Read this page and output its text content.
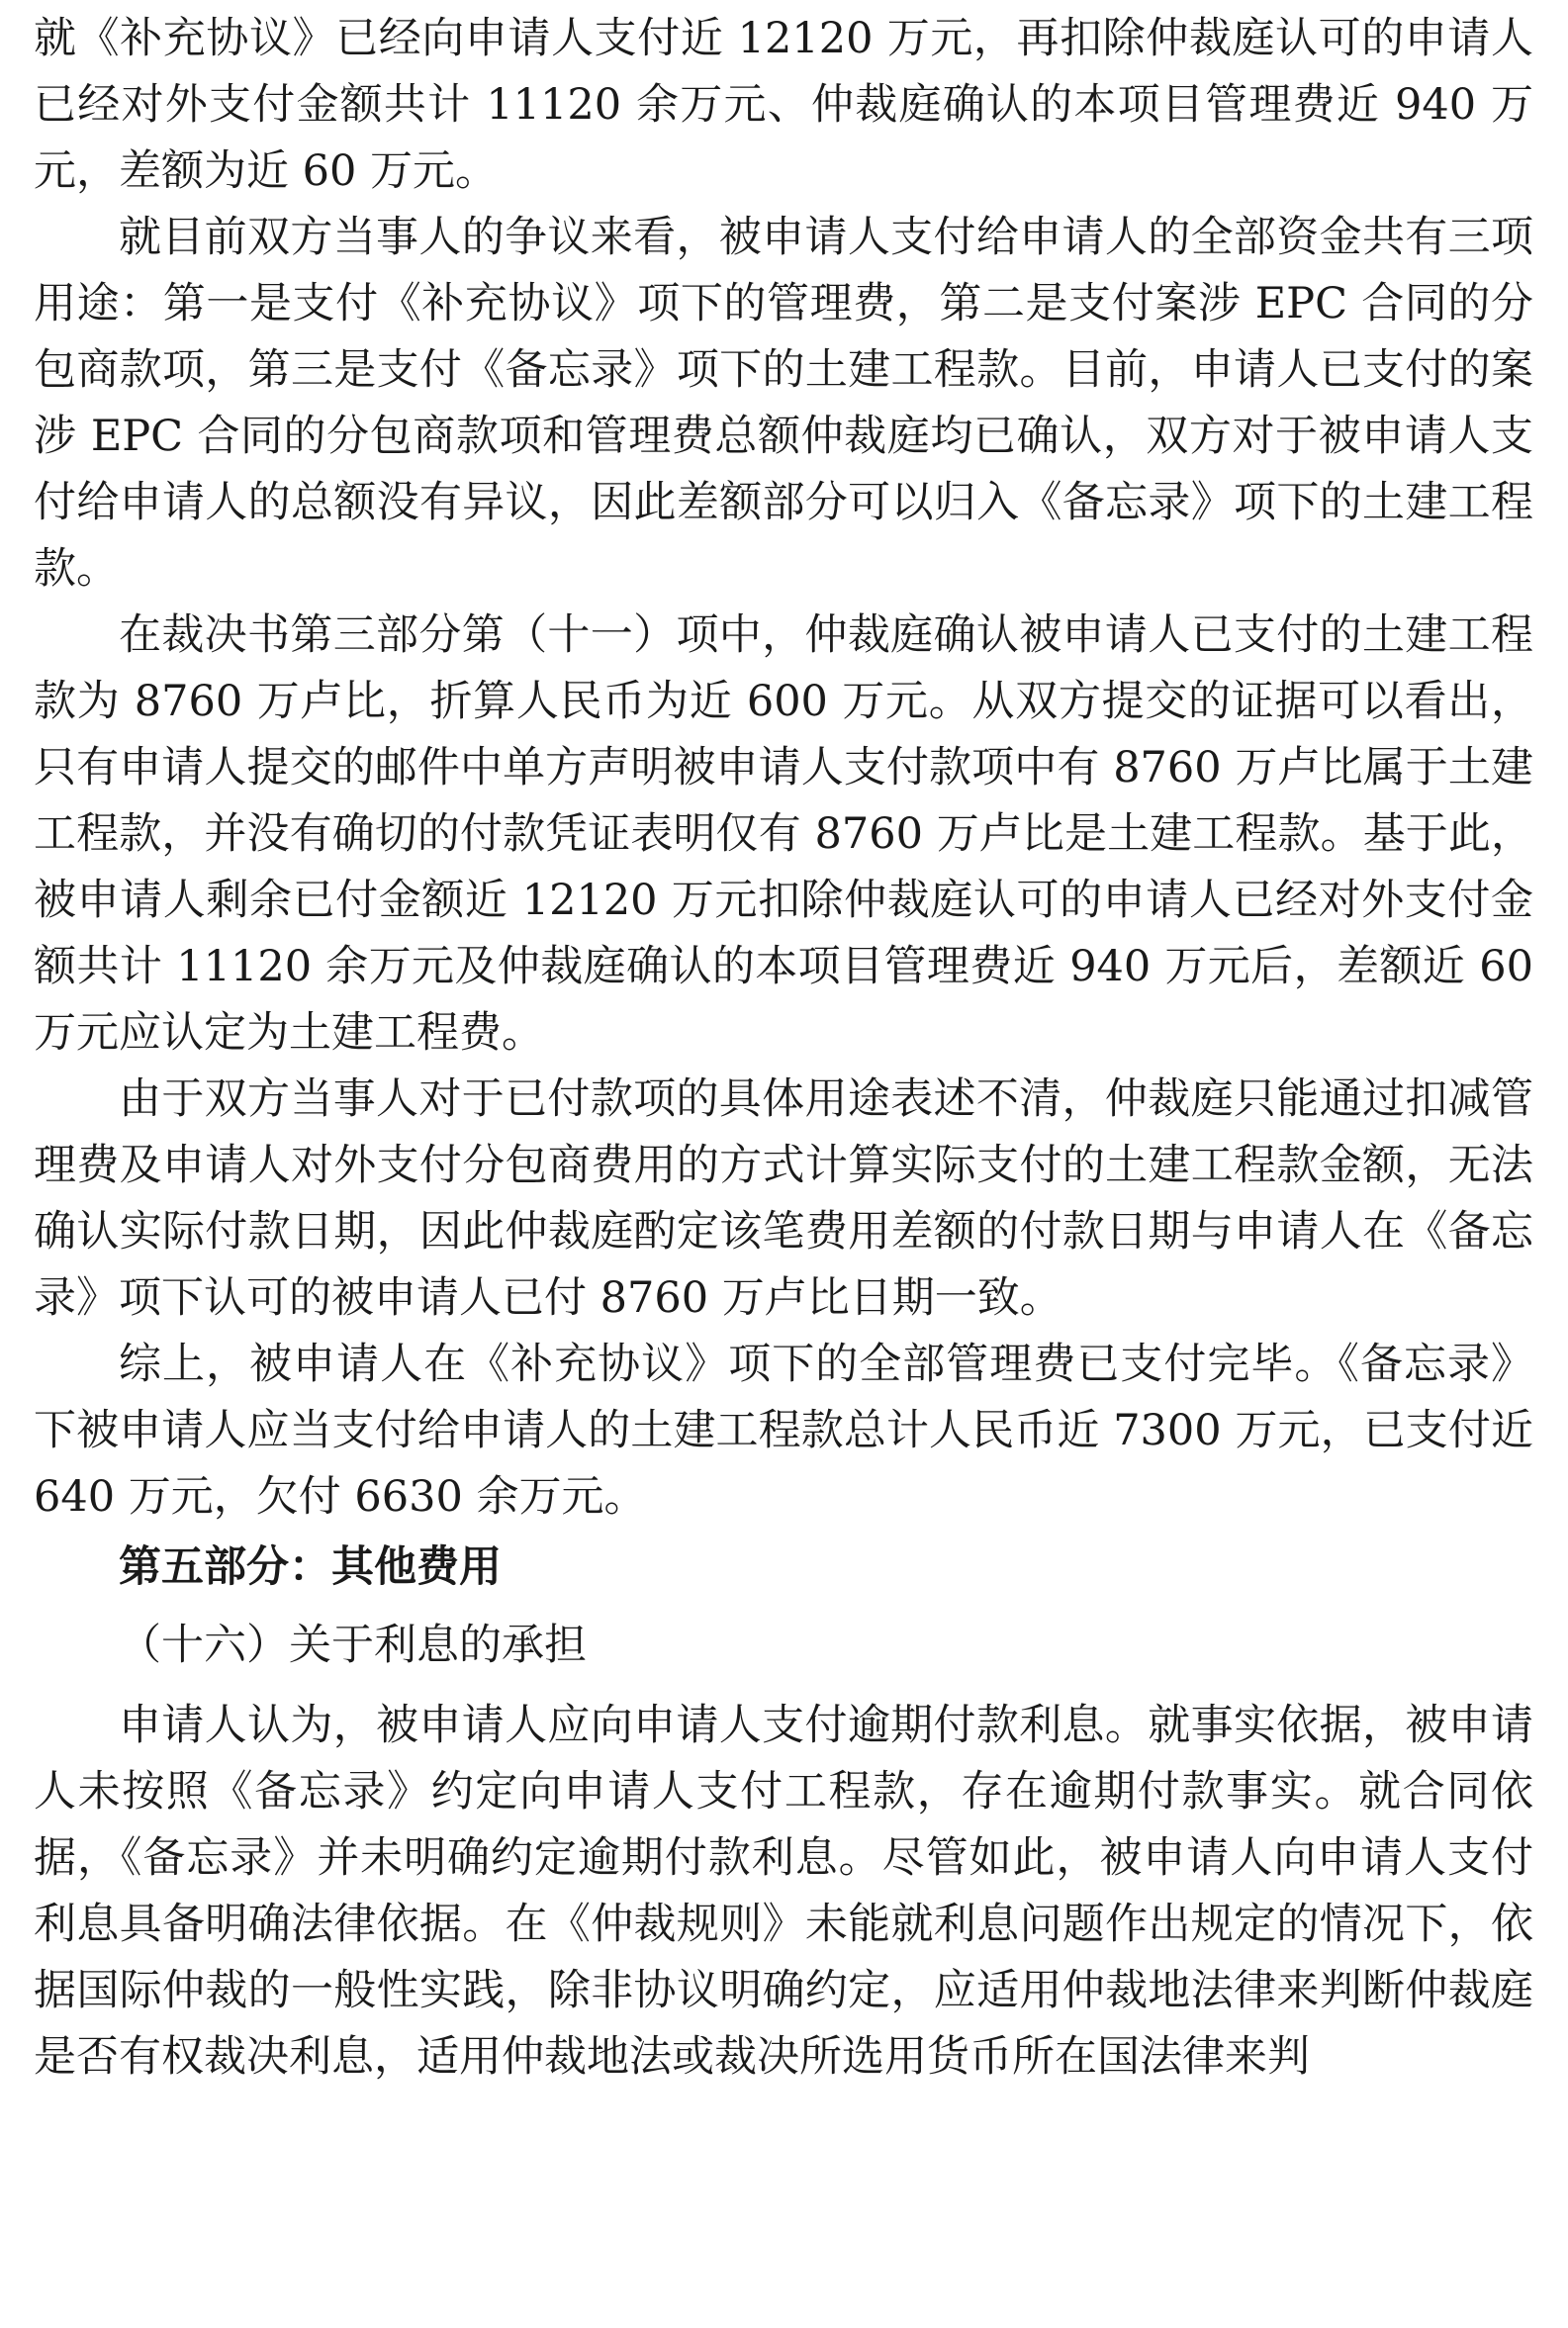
就《补充协议》已经向申请人支付近 12120 万元，再扣除仲裁庭认可的申请人已经对外支付金额共计 11120 余万元、仲裁庭确认的本项目管理费近 940 万元，差额为近 60 万元。

就目前双方当事人的争议来看，被申请人支付给申请人的全部资金共有三项用途：第一是支付《补充协议》项下的管理费，第二是支付案涉 EPC 合同的分包商款项，第三是支付《备忘录》项下的土建工程款。目前，申请人已支付的案涉 EPC 合同的分包商款项和管理费总额仲裁庭均已确认，双方对于被申请人支付给申请人的总额没有异议，因此差额部分可以归入《备忘录》项下的土建工程款。

在裁决书第三部分第（十一）项中，仲裁庭确认被申请人已支付的土建工程款为 8760 万卢比，折算人民币为近 600 万元。从双方提交的证据可以看出，只有申请人提交的邮件中单方声明被申请人支付款项中有 8760 万卢比属于土建工程款，并没有确切的付款凭证表明仅有 8760 万卢比是土建工程款。基于此，被申请人剩余已付金额近 12120 万元扣除仲裁庭认可的申请人已经对外支付金额共计 11120 余万元及仲裁庭确认的本项目管理费近 940 万元后，差额近 60 万元应认定为土建工程费。

由于双方当事人对于已付款项的具体用途表述不清，仲裁庭只能通过扣减管理费及申请人对外支付分包商费用的方式计算实际支付的土建工程款金额，无法确认实际付款日期，因此仲裁庭酌定该笔费用差额的付款日期与申请人在《备忘录》项下认可的被申请人已付 8760 万卢比日期一致。

综上，被申请人在《补充协议》项下的全部管理费已支付完毕。《备忘录》下被申请人应当支付给申请人的土建工程款总计人民币近 7300 万元，已支付近 640 万元，欠付 6630 余万元。

第五部分：其他费用

（十六）关于利息的承担

申请人认为，被申请人应向申请人支付逾期付款利息。就事实依据，被申请人未按照《备忘录》约定向申请人支付工程款，存在逾期付款事实。就合同依据，《备忘录》并未明确约定逾期付款利息。尽管如此，被申请人向申请人支付利息具备明确法律依据。在《仲裁规则》未能就利息问题作出规定的情况下，依据国际仲裁的一般性实践，除非协议明确约定，应适用仲裁地法律来判断仲裁庭是否有权裁决利息，适用仲裁地法或裁决所选用货币所在国法律来判
